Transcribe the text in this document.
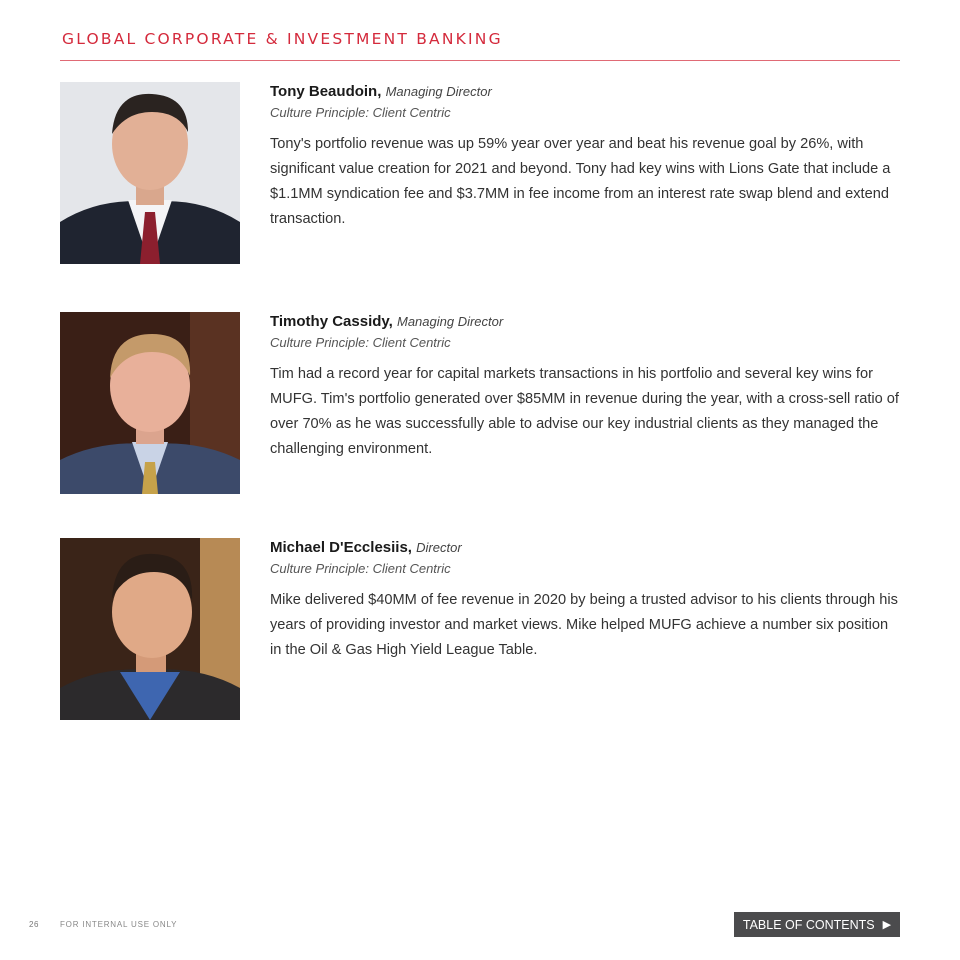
GLOBAL CORPORATE & INVESTMENT BANKING
Tony Beaudoin, Managing Director
Culture Principle: Client Centric
Tony's portfolio revenue was up 59% year over year and beat his revenue goal by 26%, with significant value creation for 2021 and beyond. Tony had key wins with Lions Gate that include a $1.1MM syndication fee and $3.7MM in fee income from an interest rate swap blend and extend transaction.
Timothy Cassidy, Managing Director
Culture Principle: Client Centric
Tim had a record year for capital markets transactions in his portfolio and several key wins for MUFG. Tim's portfolio generated over $85MM in revenue during the year, with a cross-sell ratio of over 70% as he was successfully able to advise our key industrial clients as they managed the challenging environment.
Michael D'Ecclesiis, Director
Culture Principle: Client Centric
Mike delivered $40MM of fee revenue in 2020 by being a trusted advisor to his clients through his years of providing investor and market views. Mike helped MUFG achieve a number six position in the Oil & Gas High Yield League Table.
26	FOR INTERNAL USE ONLY	TABLE OF CONTENTS ▶
